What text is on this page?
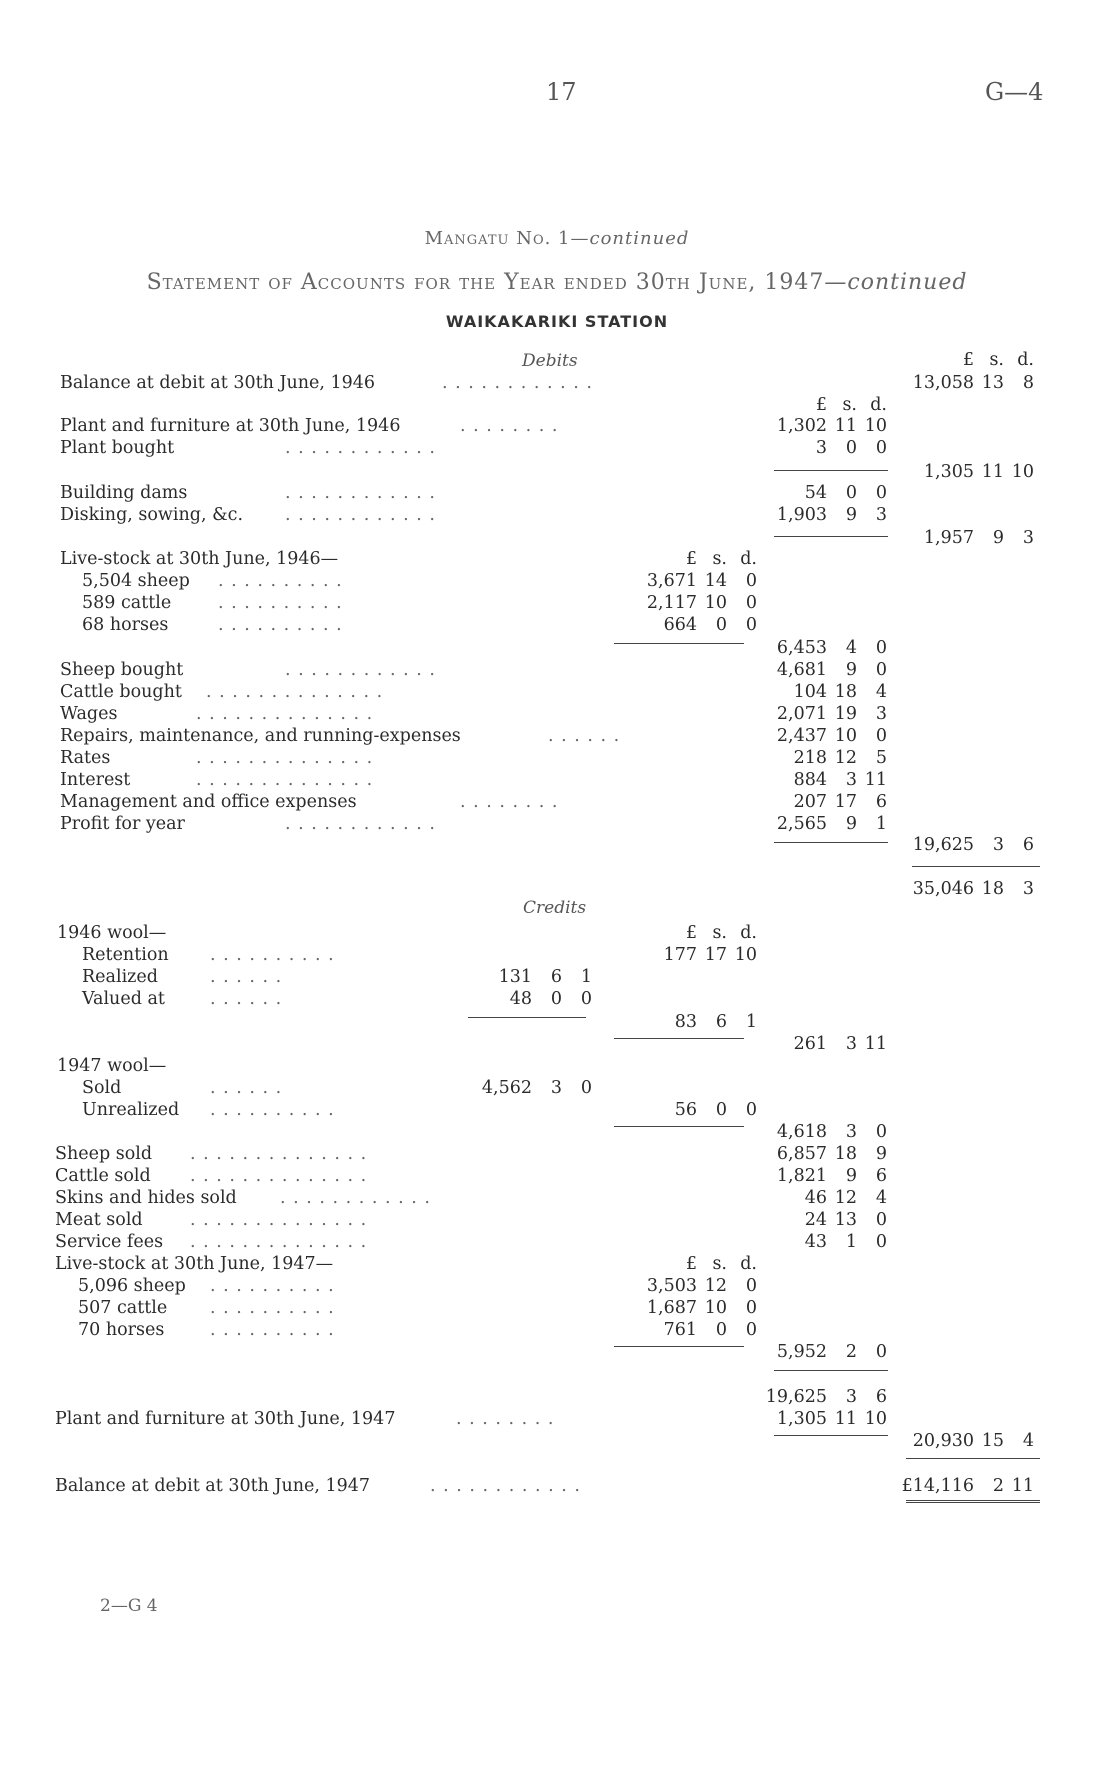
17	G—4
Mangatu No. 1—continued
Statement of Accounts for the Year ended 30th June, 1947—continued
WAIKAKARIKI STATION
Debits	£ s. d.
Balance at debit at 30th June, 1946	. . . . . . . . . . . .	13,058 13	8
£ s. d.
Plant and furniture at 30th June, 1946	. . . . . . . .	1,302 11 10
Plant bought	. . . . . . . . . . . .	3	0	0
1,305 11 10
Building dams	. . . . . . . . . . . .	54	0	0
Disking, sowing, &c. . . . . . . . . . . . .	1,903	9	3
1,957	9	3
Live-stock at 30th June, 1946—	£ s. d.
5,504 sheep . . . . . . . . . .	3,671 14	0
589 cattle	. . . . . . . . . .	2,117 10	0
68 horses	. . . . . . . . . .	664	0	0
6,453	4	0
Sheep bought	. . . . . . . . . . . .	4,681	9	0
Cattle bought . . . . . . . . . . . . . .	104 18	4
Wages	. . . . . . . . . . . . . .	2,071 19	3
Repairs, maintenance, and running-expenses	. . . . . .	2,437 10	0
Rates	. . . . . . . . . . . . . .	218 12	5
Interest	. . . . . . . . . . . . . .	884	3 11
Management and office expenses	. . . . . . . .	207 17	6
Profit for year	. . . . . . . . . . . .	2,565	9	1
19,625	3	6
35,046 18	3
Credits
1946 wool—	£ s. d.
Retention . . . . . . . . . .	177 17 10
Realized	. . . . . .	131	6	1
Valued at	. . . . . .	48	0	0
83	6	1
261	3 11
1947 wool—
Sold	. . . . . .	4,562	3	0
Unrealized . . . . . . . . . .	56	0	0
4,618	3	0
Sheep sold . . . . . . . . . . . . . .	6,857 18	9
Cattle sold . . . . . . . . . . . . . .	1,821	9	6
Skins and hides sold . . . . . . . . . . . .	46 12	4
Meat sold	. . . . . . . . . . . . . .	24 13	0
Service fees . . . . . . . . . . . . . .	43	1	0
Live-stock at 30th June, 1947—	£ s. d.
5,096 sheep . . . . . . . . . .	3,503 12	0
507 cattle . . . . . . . . . .	1,687 10	0
70 horses	. . . . . . . . . .	761	0	0
5,952	2	0
19,625	3	6
Plant and furniture at 30th June, 1947	. . . . . . . .	1,305 11 10
20,930 15	4
Balance at debit at 30th June, 1947	. . . . . . . . . . . .	£14,116	2 11
2—G 4
